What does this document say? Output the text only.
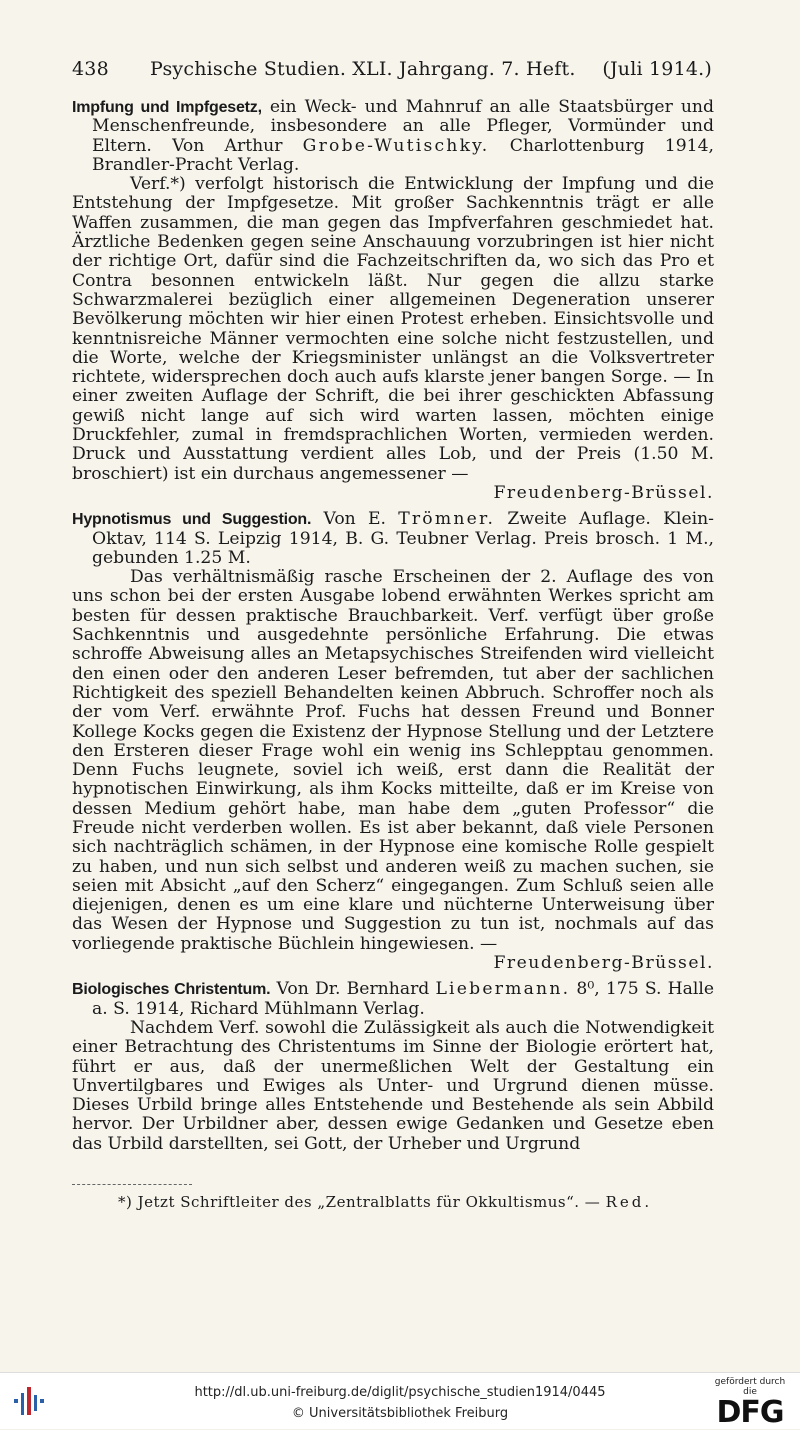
438 Psychische Studien. XLI. Jahrgang. 7. Heft. (Juli 1914.)

Impfung und Impfgesetz, ein Weck- und Mahnruf an alle Staatsbürger und Menschenfreunde, insbesondere an alle Pfleger, Vormünder und Eltern. Von Arthur Grobe-Wutischky. Charlottenburg 1914, Brandler-Pracht Verlag.

Verf.*) verfolgt historisch die Entwicklung der Impfung und die Entstehung der Impfgesetze. Mit großer Sachkenntnis trägt er alle Waffen zusammen, die man gegen das Impfverfahren geschmiedet hat. Ärztliche Bedenken gegen seine Anschauung vorzubringen ist hier nicht der richtige Ort, dafür sind die Fachzeitschriften da, wo sich das Pro et Contra besonnen entwickeln läßt. Nur gegen die allzu starke Schwarzmalerei bezüglich einer allgemeinen Degeneration unserer Bevölkerung möchten wir hier einen Protest erheben. Einsichtsvolle und kenntnisreiche Männer vermochten eine solche nicht festzustellen, und die Worte, welche der Kriegsminister unlängst an die Volksvertreter richtete, widersprechen doch auch aufs klarste jener bangen Sorge. — In einer zweiten Auflage der Schrift, die bei ihrer geschickten Abfassung gewiß nicht lange auf sich wird warten lassen, möchten einige Druckfehler, zumal in fremdsprachlichen Worten, vermieden werden. Druck und Ausstattung verdient alles Lob, und der Preis (1.50 M. broschiert) ist ein durchaus angemessener —

Freudenberg-Brüssel.

Hypnotismus und Suggestion. Von E. Trömner. Zweite Auflage. Klein-Oktav, 114 S. Leipzig 1914, B. G. Teubner Verlag. Preis brosch. 1 M., gebunden 1.25 M.

Das verhältnismäßig rasche Erscheinen der 2. Auflage des von uns schon bei der ersten Ausgabe lobend erwähnten Werkes spricht am besten für dessen praktische Brauchbarkeit. Verf. verfügt über große Sachkenntnis und ausgedehnte persönliche Erfahrung. Die etwas schroffe Abweisung alles an Metapsychisches Streifenden wird vielleicht den einen oder den anderen Leser befremden, tut aber der sachlichen Richtigkeit des speziell Behandelten keinen Abbruch. Schroffer noch als der vom Verf. erwähnte Prof. Fuchs hat dessen Freund und Bonner Kollege Kocks gegen die Existenz der Hypnose Stellung und der Letztere den Ersteren dieser Frage wohl ein wenig ins Schlepptau genommen. Denn Fuchs leugnete, soviel ich weiß, erst dann die Realität der hypnotischen Einwirkung, als ihm Kocks mitteilte, daß er im Kreise von dessen Medium gehört habe, man habe dem „guten Professor“ die Freude nicht verderben wollen. Es ist aber bekannt, daß viele Personen sich nachträglich schämen, in der Hypnose eine komische Rolle gespielt zu haben, und nun sich selbst und anderen weiß zu machen suchen, sie seien mit Absicht „auf den Scherz“ eingegangen. Zum Schluß seien alle diejenigen, denen es um eine klare und nüchterne Unterweisung über das Wesen der Hypnose und Suggestion zu tun ist, nochmals auf das vorliegende praktische Büchlein hingewiesen. —

Freudenberg-Brüssel.

Biologisches Christentum. Von Dr. Bernhard Liebermann. 8⁰, 175 S. Halle a. S. 1914, Richard Mühlmann Verlag.

Nachdem Verf. sowohl die Zulässigkeit als auch die Notwendigkeit einer Betrachtung des Christentums im Sinne der Biologie erörtert hat, führt er aus, daß der unermeßlichen Welt der Gestaltung ein Unvertilgbares und Ewiges als Unter- und Urgrund dienen müsse. Dieses Urbild bringe alles Entstehende und Bestehende als sein Abbild hervor. Der Urbildner aber, dessen ewige Gedanken und Gesetze eben das Urbild darstellten, sei Gott, der Urheber und Urgrund

*) Jetzt Schriftleiter des „Zentralblatts für Okkultismus“. — Red.
http://dl.ub.uni-freiburg.de/diglit/psychische_studien1914/0445
© Universitätsbibliothek Freiburg
gefördert durch die
DFG
